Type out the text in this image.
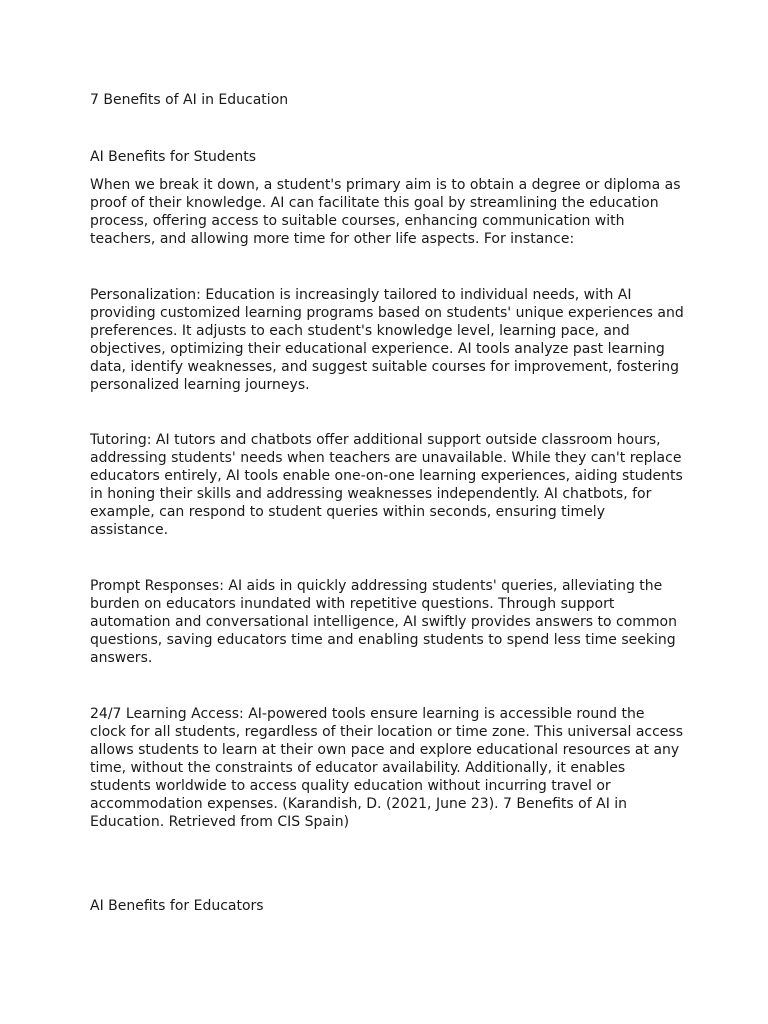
7 Benefits of AI in Education
AI Benefits for Students
When we break it down, a student's primary aim is to obtain a degree or diploma as
proof of their knowledge. AI can facilitate this goal by streamlining the education
process, offering access to suitable courses, enhancing communication with
teachers, and allowing more time for other life aspects. For instance:
Personalization: Education is increasingly tailored to individual needs, with AI
providing customized learning programs based on students' unique experiences and
preferences. It adjusts to each student's knowledge level, learning pace, and
objectives, optimizing their educational experience. AI tools analyze past learning
data, identify weaknesses, and suggest suitable courses for improvement, fostering
personalized learning journeys.
Tutoring: AI tutors and chatbots offer additional support outside classroom hours,
addressing students' needs when teachers are unavailable. While they can't replace
educators entirely, AI tools enable one-on-one learning experiences, aiding students
in honing their skills and addressing weaknesses independently. AI chatbots, for
example, can respond to student queries within seconds, ensuring timely
assistance.
Prompt Responses: AI aids in quickly addressing students' queries, alleviating the
burden on educators inundated with repetitive questions. Through support
automation and conversational intelligence, AI swiftly provides answers to common
questions, saving educators time and enabling students to spend less time seeking
answers.
24/7 Learning Access: AI-powered tools ensure learning is accessible round the
clock for all students, regardless of their location or time zone. This universal access
allows students to learn at their own pace and explore educational resources at any
time, without the constraints of educator availability. Additionally, it enables
students worldwide to access quality education without incurring travel or
accommodation expenses. (Karandish, D. (2021, June 23). 7 Benefits of AI in
Education. Retrieved from CIS Spain)
AI Benefits for Educators
